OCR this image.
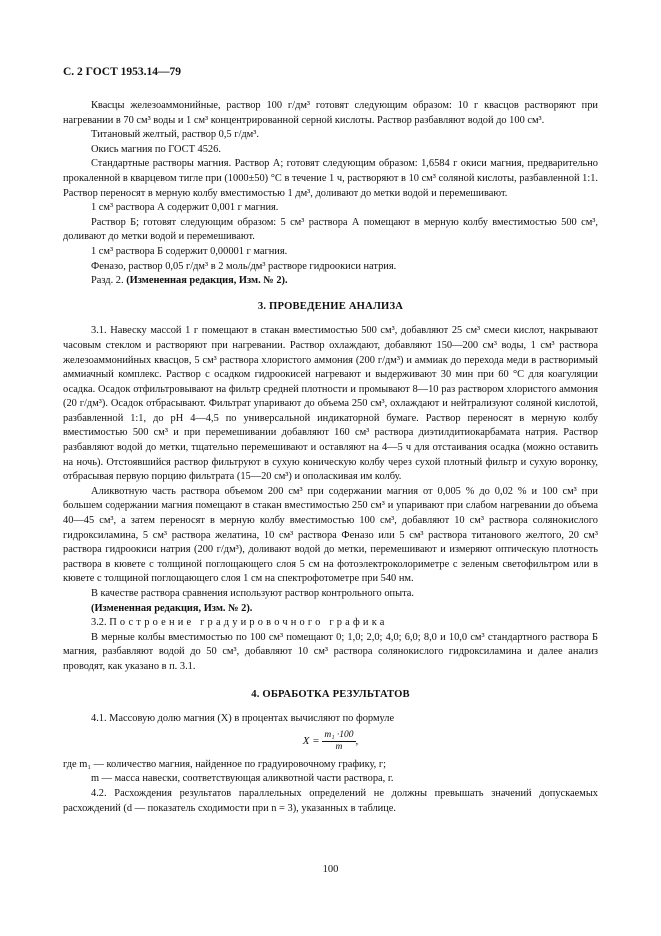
С. 2 ГОСТ 1953.14—79

Квасцы железоаммонийные, раствор 100 г/дм³ готовят следующим образом: 10 г квасцов растворяют при нагревании в 70 см³ воды и 1 см³ концентрированной серной кислоты. Раствор разбавляют водой до 100 см³.

Титановый желтый, раствор 0,5 г/дм³.

Окись магния по ГОСТ 4526.

Стандартные растворы магния. Раствор А; готовят следующим образом: 1,6584 г окиси магния, предварительно прокаленной в кварцевом тигле при (1000±50) °С в течение 1 ч, растворяют в 10 см³ соляной кислоты, разбавленной 1:1. Раствор переносят в мерную колбу вместимостью 1 дм³, доливают до метки водой и перемешивают.

1 см³ раствора А содержит 0,001 г магния.

Раствор Б; готовят следующим образом: 5 см³ раствора А помещают в мерную колбу вместимостью 500 см³, доливают до метки водой и перемешивают.

1 см³ раствора Б содержит 0,00001 г магния.

Феназо, раствор 0,05 г/дм³ в 2 моль/дм³ растворе гидроокиси натрия.

Разд. 2. (Измененная редакция, Изм. № 2).

3. ПРОВЕДЕНИЕ АНАЛИЗА

3.1. Навеску массой 1 г помещают в стакан вместимостью 500 см³, добавляют 25 см³ смеси кислот, накрывают часовым стеклом и растворяют при нагревании. Раствор охлаждают, добавляют 150—200 см³ воды, 1 см³ раствора железоаммонийных квасцов, 5 см³ раствора хлористого аммония (200 г/дм³) и аммиак до перехода меди в растворимый аммиачный комплекс. Раствор с осадком гидроокисей нагревают и выдерживают 30 мин при 60 °С для коагуляции осадка. Осадок отфильтровывают на фильтр средней плотности и промывают 8—10 раз раствором хлористого аммония (20 г/дм³). Осадок отбрасывают. Фильтрат упаривают до объема 250 см³, охлаждают и нейтрализуют соляной кислотой, разбавленной 1:1, до pH 4—4,5 по универсальной индикаторной бумаге. Раствор переносят в мерную колбу вместимостью 500 см³ и при перемешивании добавляют 160 см³ раствора диэтилдитиокарбамата натрия. Раствор разбавляют водой до метки, тщательно перемешивают и оставляют на 4—5 ч для отстаивания осадка (можно оставить на ночь). Отстоявшийся раствор фильтруют в сухую коническую колбу через сухой плотный фильтр и сухую воронку, отбрасывая первую порцию фильтрата (15—20 см³) и ополаскивая им колбу.

Аликвотную часть раствора объемом 200 см³ при содержании магния от 0,005 % до 0,02 % и 100 см³ при большем содержании магния помещают в стакан вместимостью 250 см³ и упаривают при слабом нагревании до объема 40—45 см³, а затем переносят в мерную колбу вместимостью 100 см³, добавляют 10 см³ раствора солянокислого гидроксиламина, 5 см³ раствора желатина, 10 см³ раствора Феназо или 5 см³ раствора титанового желтого, 20 см³ раствора гидроокиси натрия (200 г/дм³), доливают водой до метки, перемешивают и измеряют оптическую плотность раствора в кювете с толщиной поглощающего слоя 5 см на фотоэлектроколориметре с зеленым светофильтром или в кювете с толщиной поглощающего слоя 1 см на спектрофотометре при 540 нм.

В качестве раствора сравнения используют раствор контрольного опыта.

(Измененная редакция, Изм. № 2).

3.2. Построение градуировочного графика

В мерные колбы вместимостью по 100 см³ помещают 0; 1,0; 2,0; 4,0; 6,0; 8,0 и 10,0 см³ стандартного раствора Б магния, разбавляют водой до 50 см³, добавляют 10 см³ раствора солянокислого гидроксиламина и далее анализ проводят, как указано в п. 3.1.

4. ОБРАБОТКА РЕЗУЛЬТАТОВ

4.1. Массовую долю магния (X) в процентах вычисляют по формуле

$X = \frac{\text{m₁ ·100}}{m}$ ,

где m₁ — количество магния, найденное по градуировочному графику, г;

m — масса навески, соответствующая аликвотной части раствора, г.

4.2. Расхождения результатов параллельных определений не должны превышать значений допускаемых расхождений (d — показатель сходимости при n = 3), указанных в таблице.

100
